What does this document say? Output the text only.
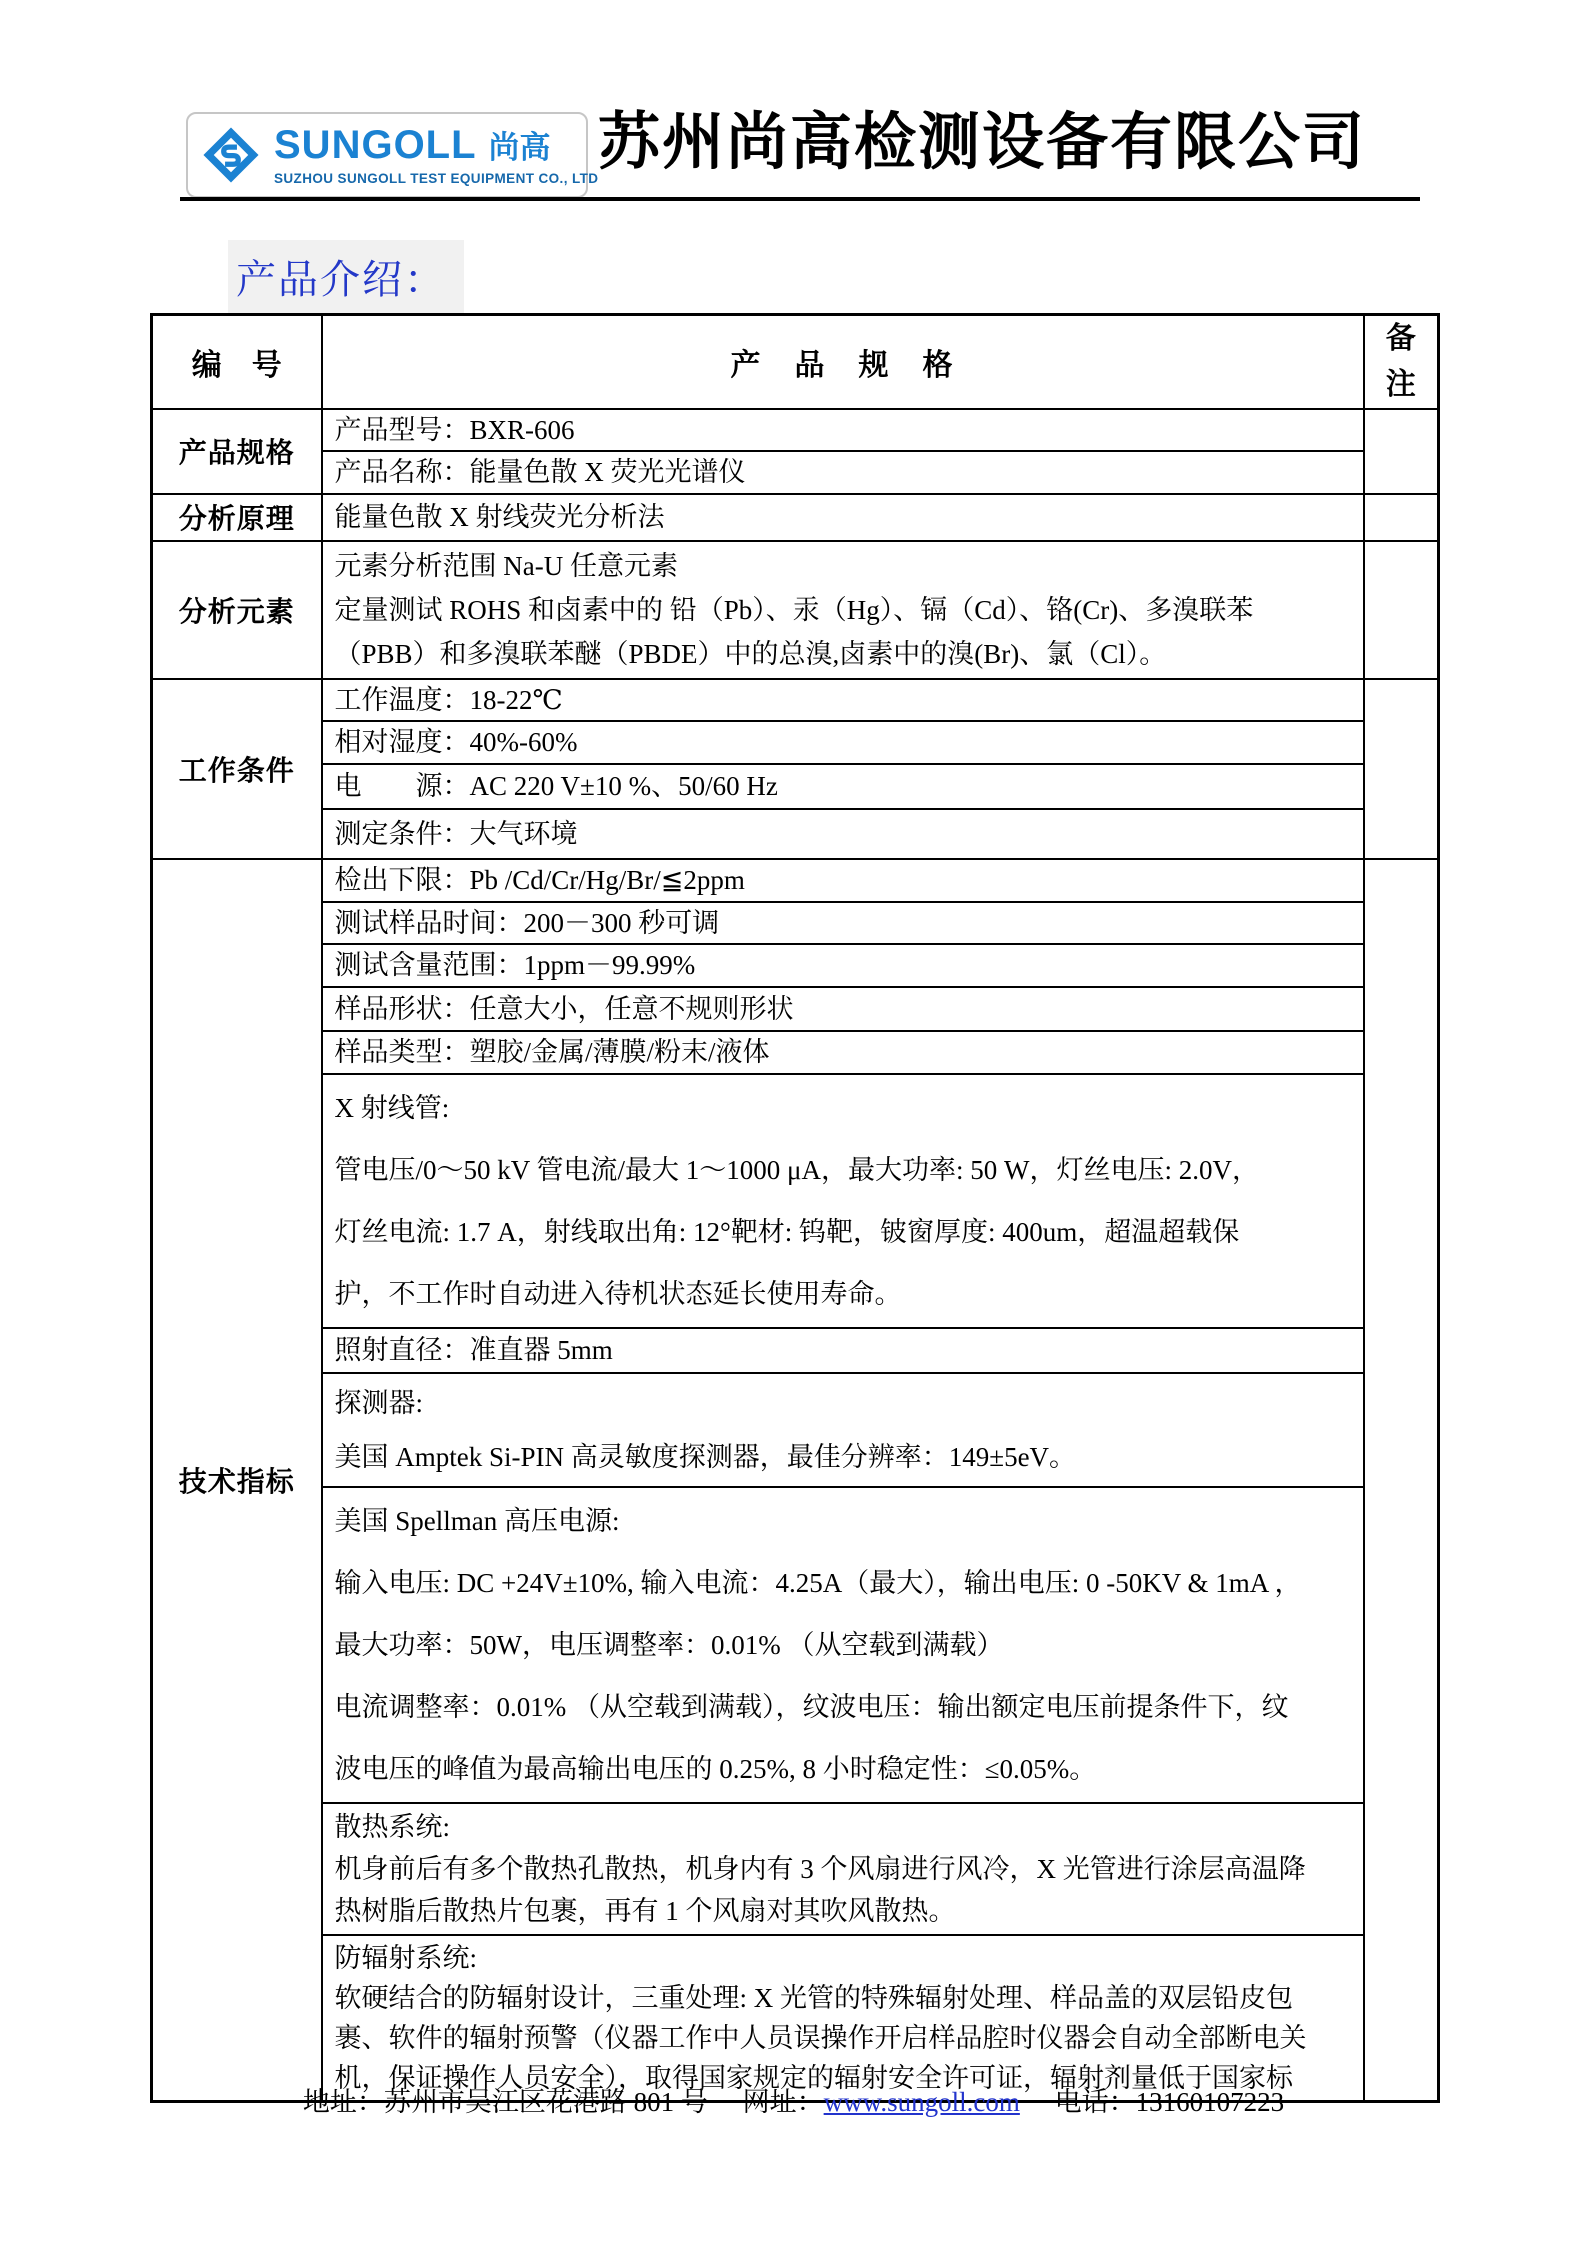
SUNGOLL 尚高
SUZHOU SUNGOLL TEST EQUIPMENT CO., LTD
苏州尚高检测设备有限公司
产品介绍：
编　号	产　品　规　格	备 注
产品规格	产品型号：BXR-606	
	产品名称：能量色散 X 荧光光谱仪	
分析原理	能量色散 X 射线荧光分析法	
分析元素	元素分析范围 Na-U 任意元素
定量测试 ROHS 和卤素中的 铅（Pb）、汞（Hg）、镉（Cd）、铬(Cr)、多溴联苯
（PBB）和多溴联苯醚（PBDE）中的总溴,卤素中的溴(Br)、氯（Cl）。	

工作条件	工作温度：18-22℃	
	相对湿度：40%-60%	
	电　　源：AC 220 V±10 %、50/60 Hz	
	测定条件：大气环境	
技术指标	检出下限：Pb /Cd/Cr/Hg/Br/≦2ppm	
	测试样品时间：200－300 秒可调	
	测试含量范围：1ppm－99.99%	
	样品形状：任意大小，任意不规则形状	
	样品类型：塑胶/金属/薄膜/粉末/液体	

	X 射线管:
管电压/0～50 kV 管电流/最大 1～1000 μA，最大功率: 50 W，灯丝电压: 2.0V，
灯丝电流: 1.7 A，射线取出角: 12°靶材: 钨靶，铍窗厚度: 400um，超温超载保
护，不工作时自动进入待机状态延长使用寿命。	

	照射直径：准直器 5mm	

	探测器:
美国 Amptek Si-PIN 高灵敏度探测器，最佳分辨率：149±5eV。	

	美国 Spellman 高压电源:
输入电压: DC +24V±10%, 输入电流：4.25A（最大），输出电压: 0 -50KV & 1mA ，
最大功率：50W，电压调整率：0.01% （从空载到满载）
电流调整率：0.01% （从空载到满载），纹波电压：输出额定电压前提条件下，纹
波电压的峰值为最高输出电压的 0.25%, 8 小时稳定性：≤0.05%。	

	散热系统:
机身前后有多个散热孔散热，机身内有 3 个风扇进行风冷，X 光管进行涂层高温降
热树脂后散热片包裹，再有 1 个风扇对其吹风散热。	

	防辐射系统:
软硬结合的防辐射设计，三重处理: X 光管的特殊辐射处理、样品盖的双层铅皮包
裹、软件的辐射预警（仪器工作中人员误操作开启样品腔时仪器会自动全部断电关
机，保证操作人员安全），取得国家规定的辐射安全许可证，辐射剂量低于国家标	
地址：苏州市吴江区花港路 801 号 网址：www.sungoll.com 电话：13160107223
